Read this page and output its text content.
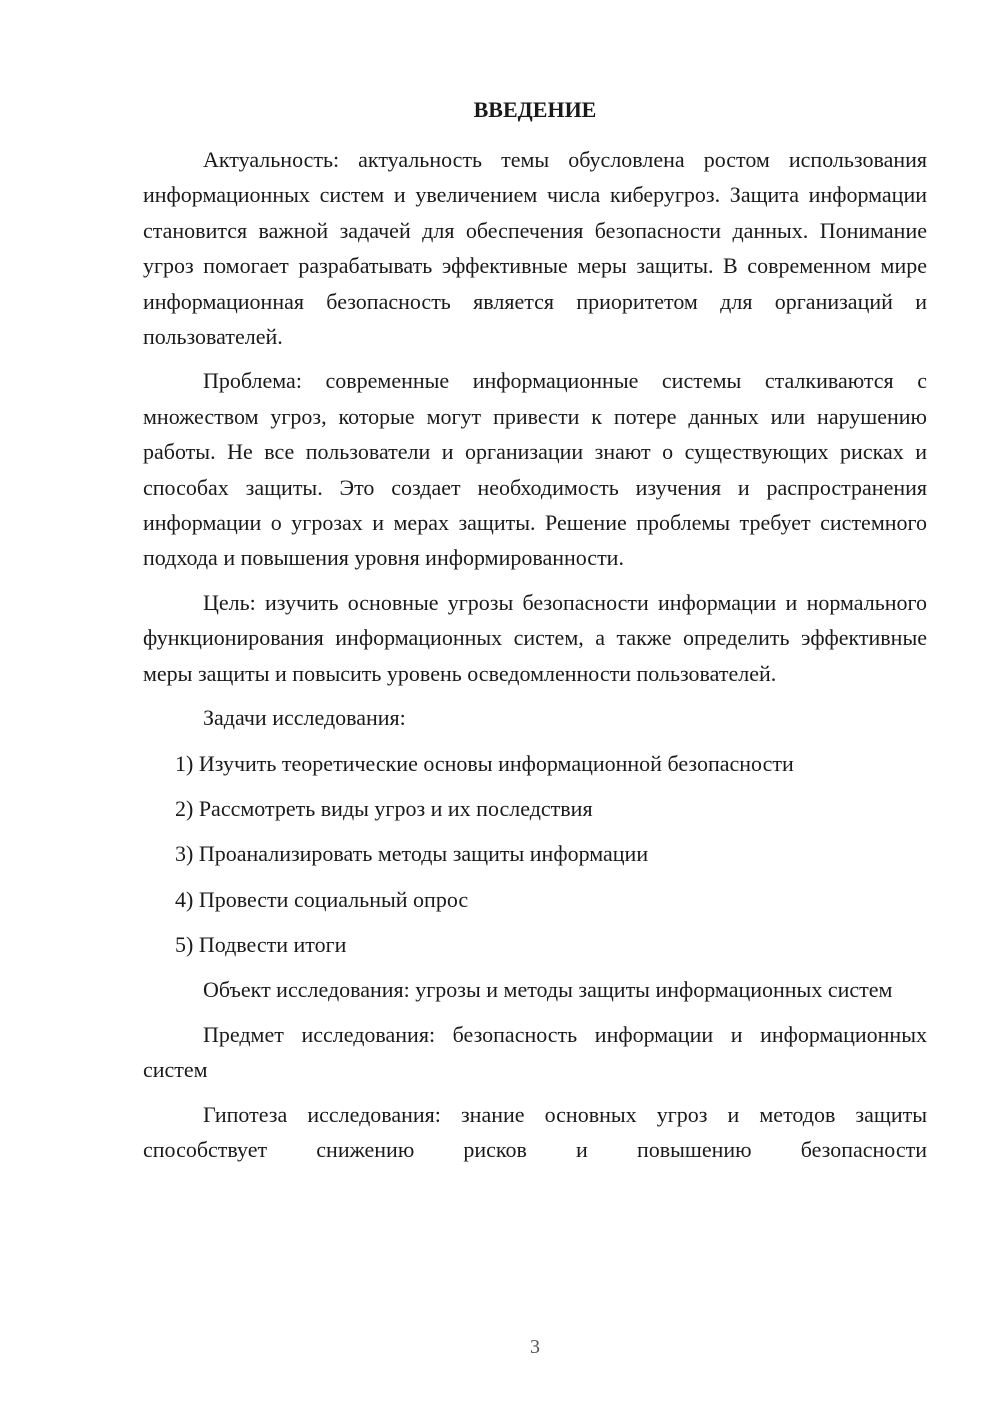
ВВЕДЕНИЕ

Актуальность: актуальность темы обусловлена ростом использования информационных систем и увеличением числа киберугроз. Защита информации становится важной задачей для обеспечения безопасности данных. Понимание угроз помогает разрабатывать эффективные меры защиты. В современном мире информационная безопасность является приоритетом для организаций и пользователей.

Проблема: современные информационные системы сталкиваются с множеством угроз, которые могут привести к потере данных или нарушению работы. Не все пользователи и организации знают о существующих рисках и способах защиты. Это создает необходимость изучения и распространения информации о угрозах и мерах защиты. Решение проблемы требует системного подхода и повышения уровня информированности.

Цель: изучить основные угрозы безопасности информации и нормального функционирования информационных систем, а также определить эффективные меры защиты и повысить уровень осведомленности пользователей.

Задачи исследования:

1) Изучить теоретические основы информационной безопасности
2) Рассмотреть виды угроз и их последствия
3) Проанализировать методы защиты информации
4) Провести социальный опрос
5) Подвести итоги

Объект исследования: угрозы и методы защиты информационных систем

Предмет исследования: безопасность информации и информационных систем

Гипотеза исследования: знание основных угроз и методов защиты способствует снижению рисков и повышению безопасности

3
